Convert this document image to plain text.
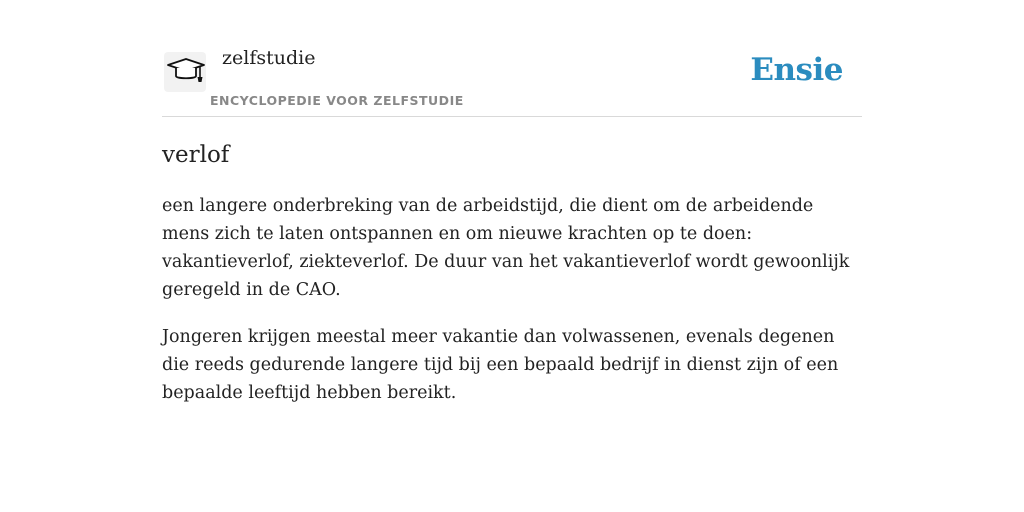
zelfstudie
ENCYCLOPEDIE VOOR ZELFSTUDIE
Ensie
verlof

een langere onderbreking van de arbeidstijd, die dient om de arbeidende mens zich te laten ontspannen en om nieuwe krachten op te doen: vakantieverlof, ziekteverlof. De duur van het vakantieverlof wordt gewoonlijk geregeld in de CAO.

Jongeren krijgen meestal meer vakantie dan volwassenen, evenals degenen die reeds gedurende langere tijd bij een bepaald bedrijf in dienst zijn of een bepaalde leeftijd hebben bereikt.
